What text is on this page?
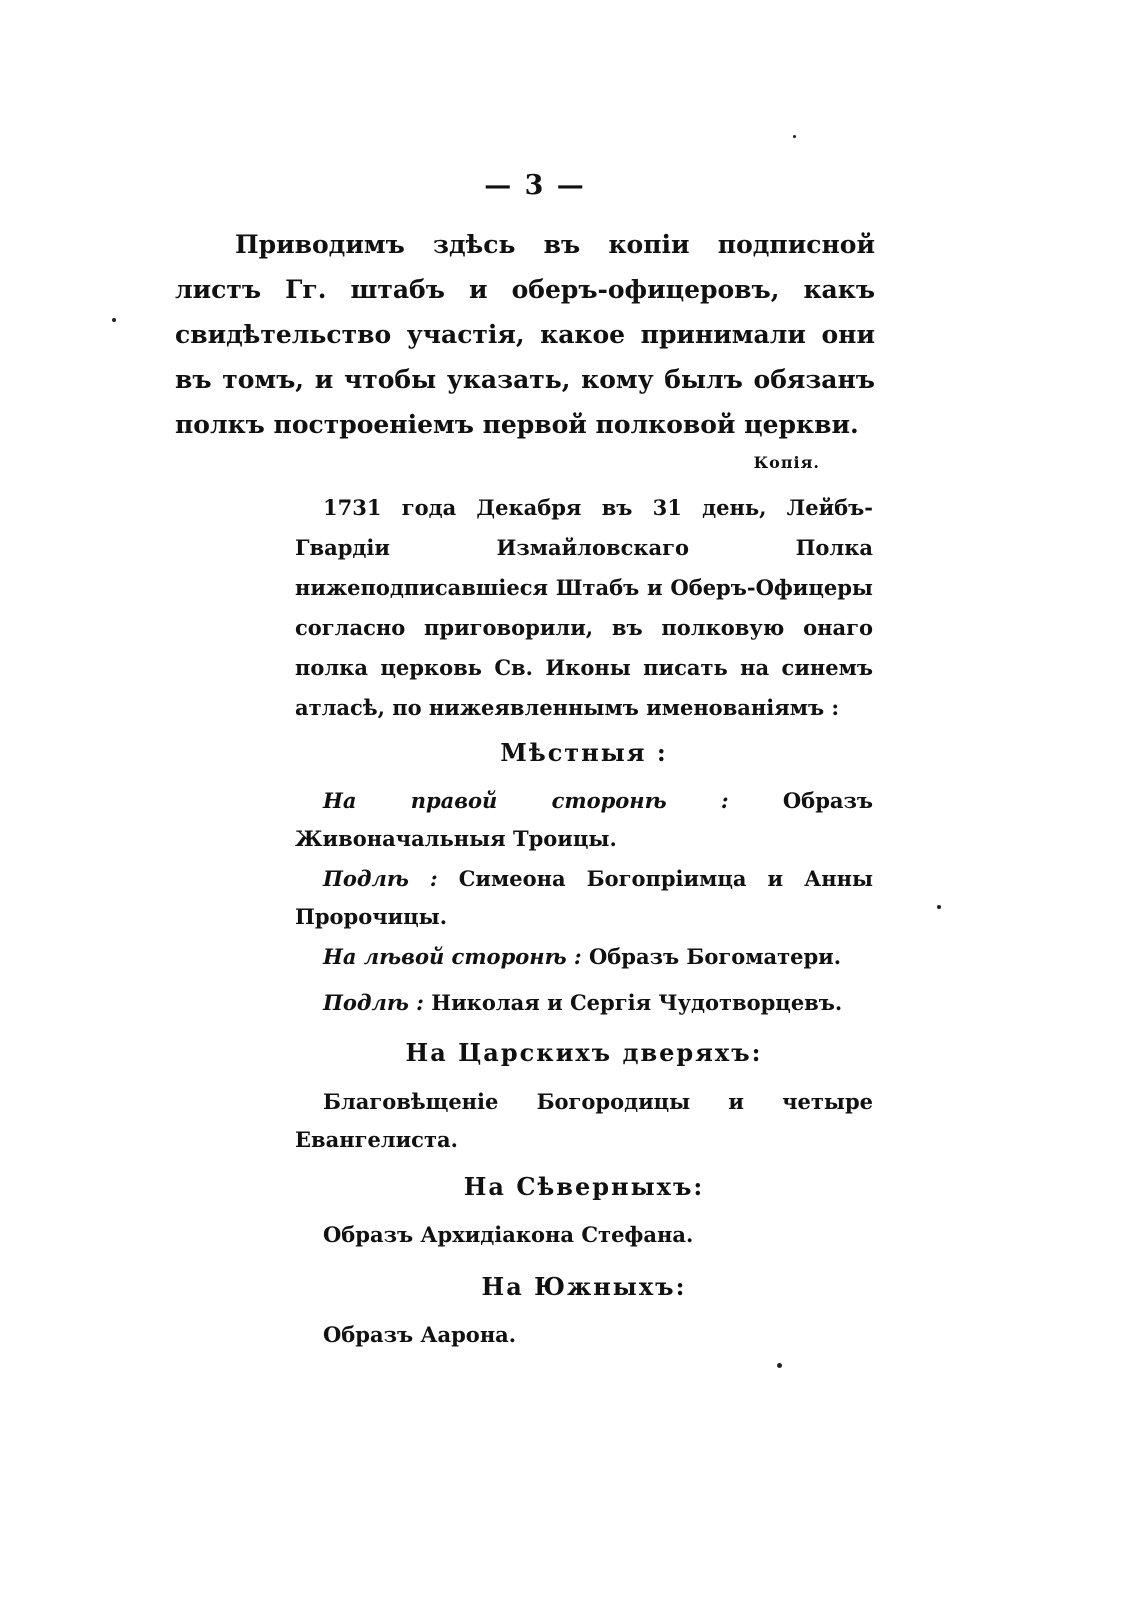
— 3 —

Приводимъ здѣсь въ копіи подписной листъ Гг. штабъ и оберъ-офицеровъ, какъ свидѣтельство участія, какое принимали они въ томъ, и чтобы указать, кому былъ обязанъ полкъ построеніемъ первой полковой церкви.

Копія.

1731 года Декабря въ 31 день, Лейбъ-Гвардіи Измайловскаго Полка нижеподписавшіеся Штабъ и Оберъ-Офицеры согласно приговорили, въ полковую онаго полка церковь Св. Иконы писать на синемъ атласѣ, по нижеявленнымъ именованіямъ :

Мѣстныя :

На правой сторонѣ :	Образъ Живоначальныя Троицы.

Подлѣ : Симеона Богопріимца и Анны Пророчицы.

На лѣвой сторонѣ : Образъ Богоматери.

Подлѣ : Николая и Сергія Чудотворцевъ.

На Царскихъ дверяхъ:

Благовѣщеніе Богородицы и четыре Евангелиста.

На Сѣверныхъ:

Образъ Архидіакона Стефана.

На Южныхъ:

Образъ Аарона.
